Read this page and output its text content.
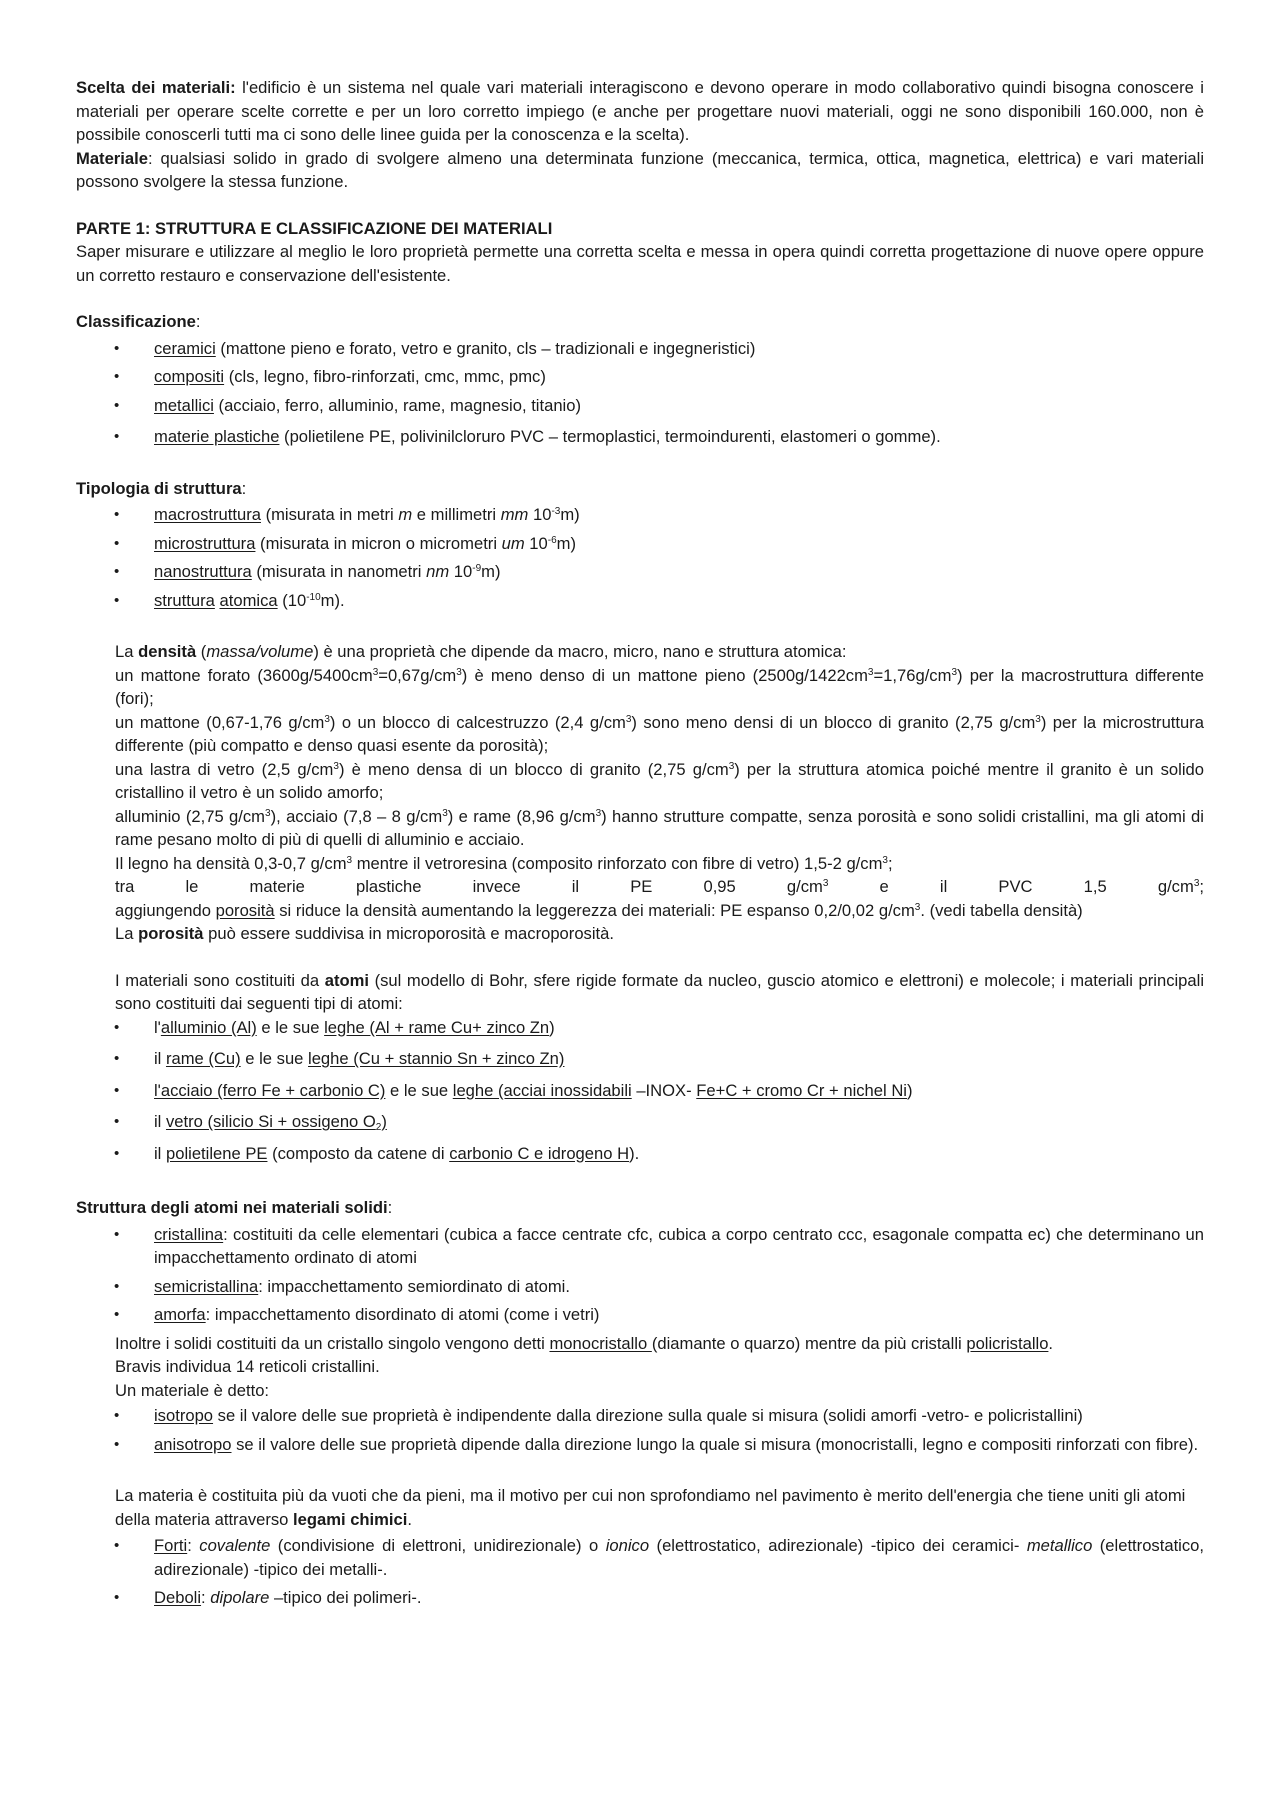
Scelta dei materiali: l'edificio è un sistema nel quale vari materiali interagiscono e devono operare in modo collaborativo quindi bisogna conoscere i materiali per operare scelte corrette e per un loro corretto impiego (e anche per progettare nuovi materiali, oggi ne sono disponibili 160.000, non è possibile conoscerli tutti ma ci sono delle linee guida per la conoscenza e la scelta).

Materiale: qualsiasi solido in grado di svolgere almeno una determinata funzione (meccanica, termica, ottica, magnetica, elettrica) e vari materiali possono svolgere la stessa funzione.

PARTE 1: STRUTTURA E CLASSIFICAZIONE DEI MATERIALI

Saper misurare e utilizzare al meglio le loro proprietà permette una corretta scelta e messa in opera quindi corretta progettazione di nuove opere oppure un corretto restauro e conservazione dell'esistente.

Classificazione:

• ceramici (mattone pieno e forato, vetro e granito, cls – tradizionali e ingegneristici)
• compositi (cls, legno, fibro-rinforzati, cmc, mmc, pmc)
• metallici (acciaio, ferro, alluminio, rame, magnesio, titanio)
• materie plastiche (polietilene PE, polivinilcloruro PVC – termoplastici, termoindurenti, elastomeri o gomme).

Tipologia di struttura:

• macrostruttura (misurata in metri m e millimetri mm $10^{-3}m$)
• microstruttura (misurata in micron o micrometri um $10^{-6}m$)
• nanostruttura (misurata in nanometri nm $10^{-9}m$)
• struttura atomica $(10^{-10}m)$.

La densità (massa/volume) è una proprietà che dipende da macro, micro, nano e struttura atomica:

un mattone forato $(3600g/5400cm^3=0,67g/cm^3)$ è meno denso di un mattone pieno $(2500g/1422cm^3=1,76g/cm^3)$ per la macrostruttura differente (fori);

un mattone (0,67-1,76 $g/cm^3$) o un blocco di calcestruzzo (2,4 $g/cm^3$) sono meno densi di un blocco di granito (2,75 $g/cm^3$) per la microstruttura differente (più compatto e denso quasi esente da porosità);

una lastra di vetro (2,5 $g/cm^3$) è meno densa di un blocco di granito (2,75 $g/cm^3$) per la struttura atomica poiché mentre il granito è un solido cristallino il vetro è un solido amorfo;

alluminio (2,75 $g/cm^3$), acciaio (7,8 – 8 $g/cm^3$) e rame (8,96 $g/cm^3$) hanno strutture compatte, senza porosità e sono solidi cristallini, ma gli atomi di rame pesano molto di più di quelli di alluminio e acciaio.

Il legno ha densità 0,3-0,7 $g/cm^3$ mentre il vetroresina (composito rinforzato con fibre di vetro) 1,5-2 $g/cm^3$;

tra le materie plastiche invece il PE 0,95 $g/cm^3$ e il PVC 1,5 $g/cm^3$;

aggiungendo porosità si riduce la densità aumentando la leggerezza dei materiali: PE espanso 0,2/0,02 $g/cm^3$. (vedi tabella densità)

La porosità può essere suddivisa in microporosità e macroporosità.

I materiali sono costituiti da atomi (sul modello di Bohr, sfere rigide formate da nucleo, guscio atomico e elettroni) e molecole; i materiali principali sono costituiti dai seguenti tipi di atomi:

• l'alluminio (Al) e le sue leghe (Al + rame Cu+ zinco Zn)
• il rame (Cu) e le sue leghe (Cu + stannio Sn + zinco Zn)
• l'acciaio (ferro Fe + carbonio C) e le sue leghe (acciai inossidabili –INOX- Fe+C + cromo Cr + nichel Ni)
• il vetro (silicio Si + ossigeno $O_2$)
• il polietilene PE (composto da catene di carbonio C e idrogeno H).

Struttura degli atomi nei materiali solidi:

• cristallina: costituiti da celle elementari (cubica a facce centrate cfc, cubica a corpo centrato ccc, esagonale compatta ec) che determinano un impacchettamento ordinato di atomi
• semicristallina: impacchettamento semiordinato di atomi.
• amorfa: impacchettamento disordinato di atomi (come i vetri)

Inoltre i solidi costituiti da un cristallo singolo vengono detti monocristallo (diamante o quarzo) mentre da più cristalli policristallo.

Bravis individua 14 reticoli cristallini.

Un materiale è detto:

• isotropo se il valore delle sue proprietà è indipendente dalla direzione sulla quale si misura (solidi amorfi -vetro- e policristallini)
• anisotropo se il valore delle sue proprietà dipende dalla direzione lungo la quale si misura (monocristalli, legno e compositi rinforzati con fibre).

La materia è costituita più da vuoti che da pieni, ma il motivo per cui non sprofondiamo nel pavimento è merito dell'energia che tiene uniti gli atomi della materia attraverso legami chimici.

• Forti: covalente (condivisione di elettroni, unidirezionale) o ionico (elettrostatico, adirezionale) -tipico dei ceramici- metallico (elettrostatico, adirezionale) -tipico dei metalli-.
• Deboli: dipolare –tipico dei polimeri-.
